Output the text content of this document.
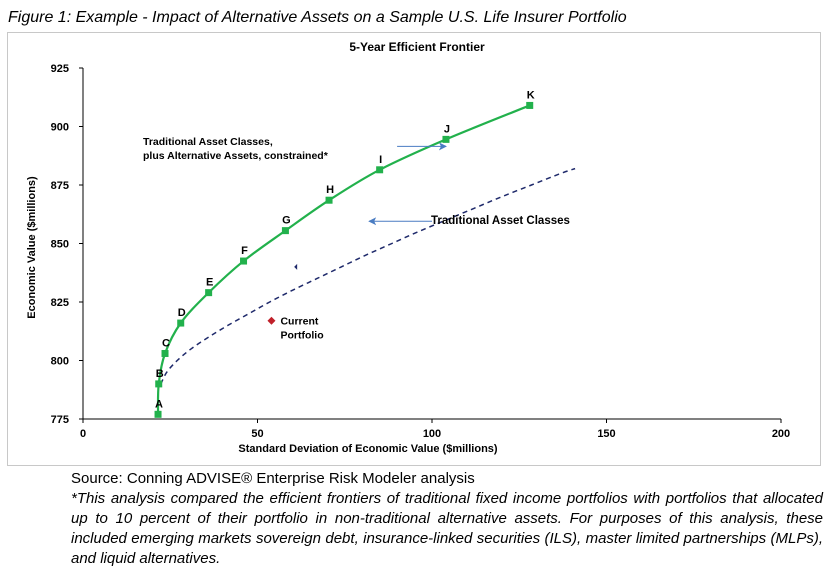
Figure 1: Example - Impact of Alternative Assets on a Sample U.S. Life Insurer Portfolio
5-Year Efficient Frontier
775
800
825
850
875
900
925
0	50	100	150	200
Standard Deviation of Economic Value ($millions)
Economic Value ($millions)
A
B
C
D
E
F
G
H
I
J
K
Current
Portfolio
Traditional Asset Classes,
plus Alternative Assets, constrained*
Traditional Asset Classes
Source: Conning ADVISE® Enterprise Risk Modeler analysis
*This analysis compared the efficient frontiers of traditional fixed income portfolios with portfolios that allocated up to 10 percent of their portfolio in non-traditional alternative assets. For purposes of this analysis, these included emerging markets sovereign debt, insurance-linked securities (ILS), master limited partnerships (MLPs), and liquid alternatives.
